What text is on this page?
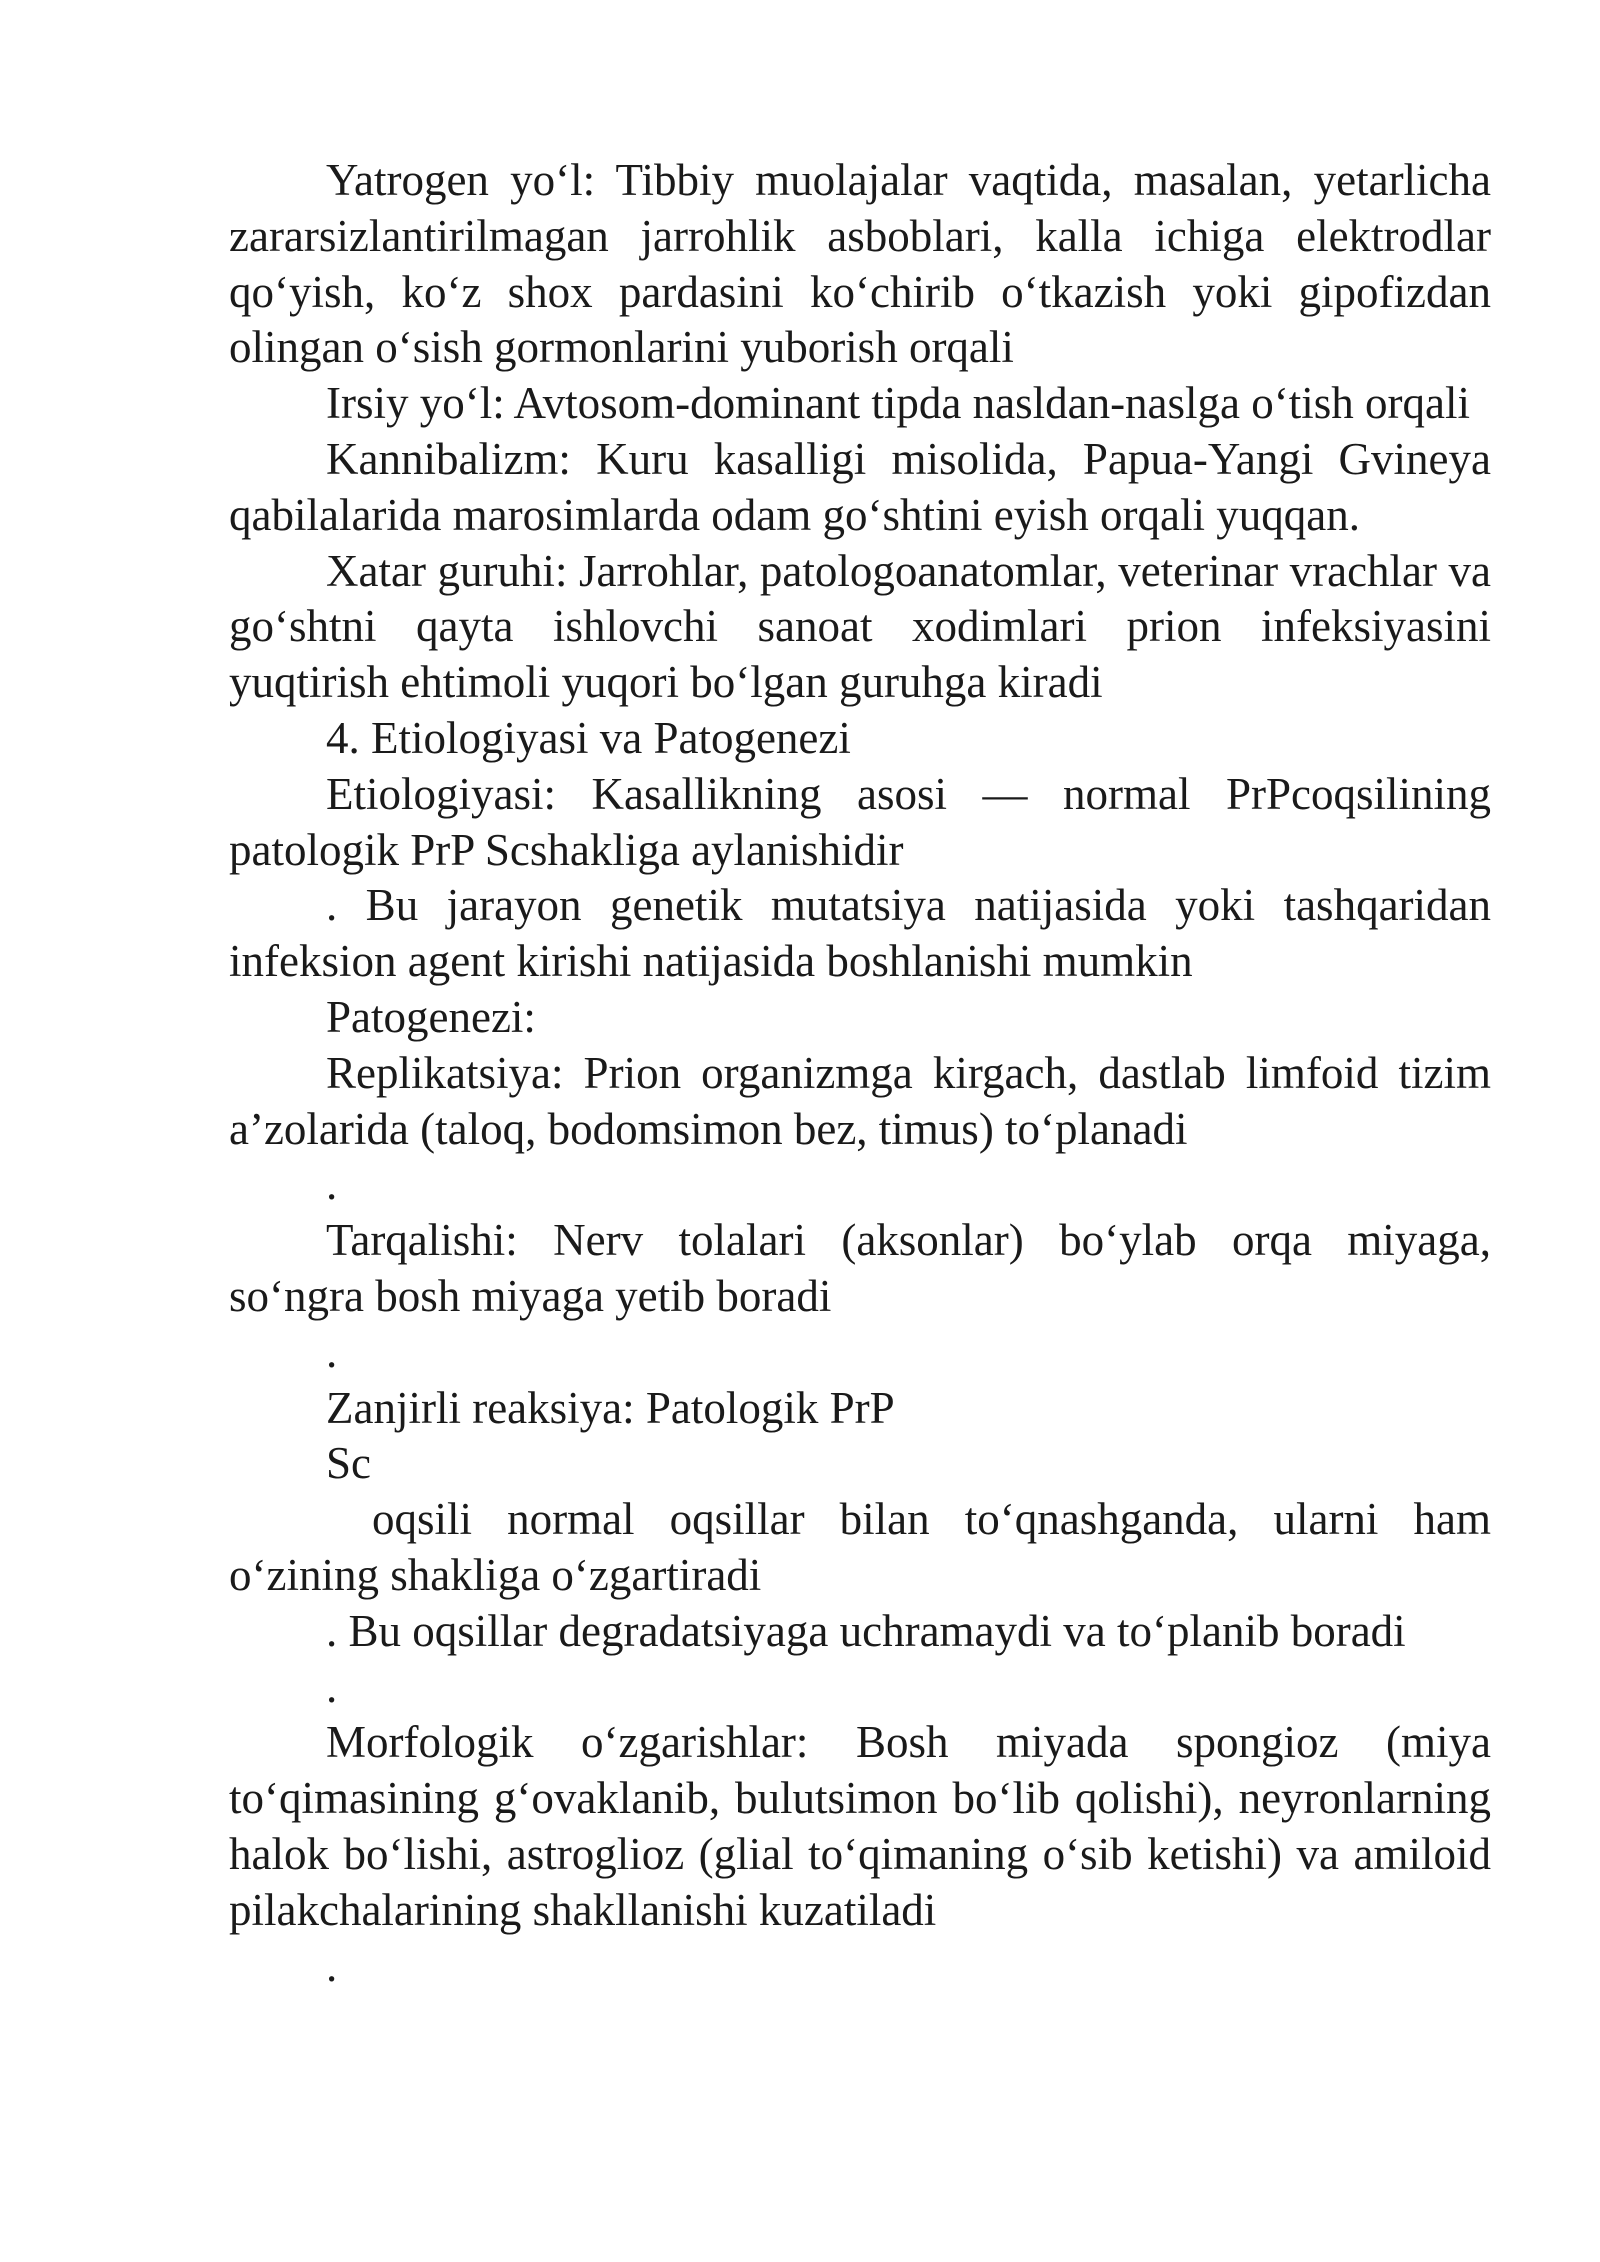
Yatrogen yo‘l: Tibbiy muolajalar vaqtida, masalan, yetarlicha zararsizlantirilmagan jarrohlik asboblari, kalla ichiga elektrodlar qo‘yish, ko‘z shox pardasini ko‘chirib o‘tkazish yoki gipofizdan olingan o‘sish gormonlarini yuborish orqali

Irsiy yo‘l: Avtosom-dominant tipda nasldan-naslga o‘tish orqali

Kannibalizm: Kuru kasalligi misolida, Papua-Yangi Gvineya qabilalarida marosimlarda odam go‘shtini eyish orqali yuqqan.

Xatar guruhi: Jarrohlar, patologoanatomlar, veterinar vrachlar va go‘shtni qayta ishlovchi sanoat xodimlari prion infeksiyasini yuqtirish ehtimoli yuqori bo‘lgan guruhga kiradi

4. Etiologiyasi va Patogenezi

Etiologiyasi: Kasallikning asosi — normal PrPcoqsilining patologik PrP Scshakliga aylanishidir

. Bu jarayon genetik mutatsiya natijasida yoki tashqaridan infeksion agent kirishi natijasida boshlanishi mumkin

Patogenezi:

Replikatsiya: Prion organizmga kirgach, dastlab limfoid tizim a’zolarida (taloq, bodomsimon bez, timus) to‘planadi

.

Tarqalishi: Nerv tolalari (aksonlar) bo‘ylab orqa miyaga, so‘ngra bosh miyaga yetib boradi

.

Zanjirli reaksiya: Patologik PrP

Sc

oqsili normal oqsillar bilan to‘qnashganda, ularni ham o‘zining shakliga o‘zgartiradi

. Bu oqsillar degradatsiyaga uchramaydi va to‘planib boradi

.

Morfologik o‘zgarishlar: Bosh miyada spongioz (miya to‘qimasining g‘ovaklanib, bulutsimon bo‘lib qolishi), neyronlarning halok bo‘lishi, astroglioz (glial to‘qimaning o‘sib ketishi) va amiloid pilakchalarining shakllanishi kuzatiladi

.
